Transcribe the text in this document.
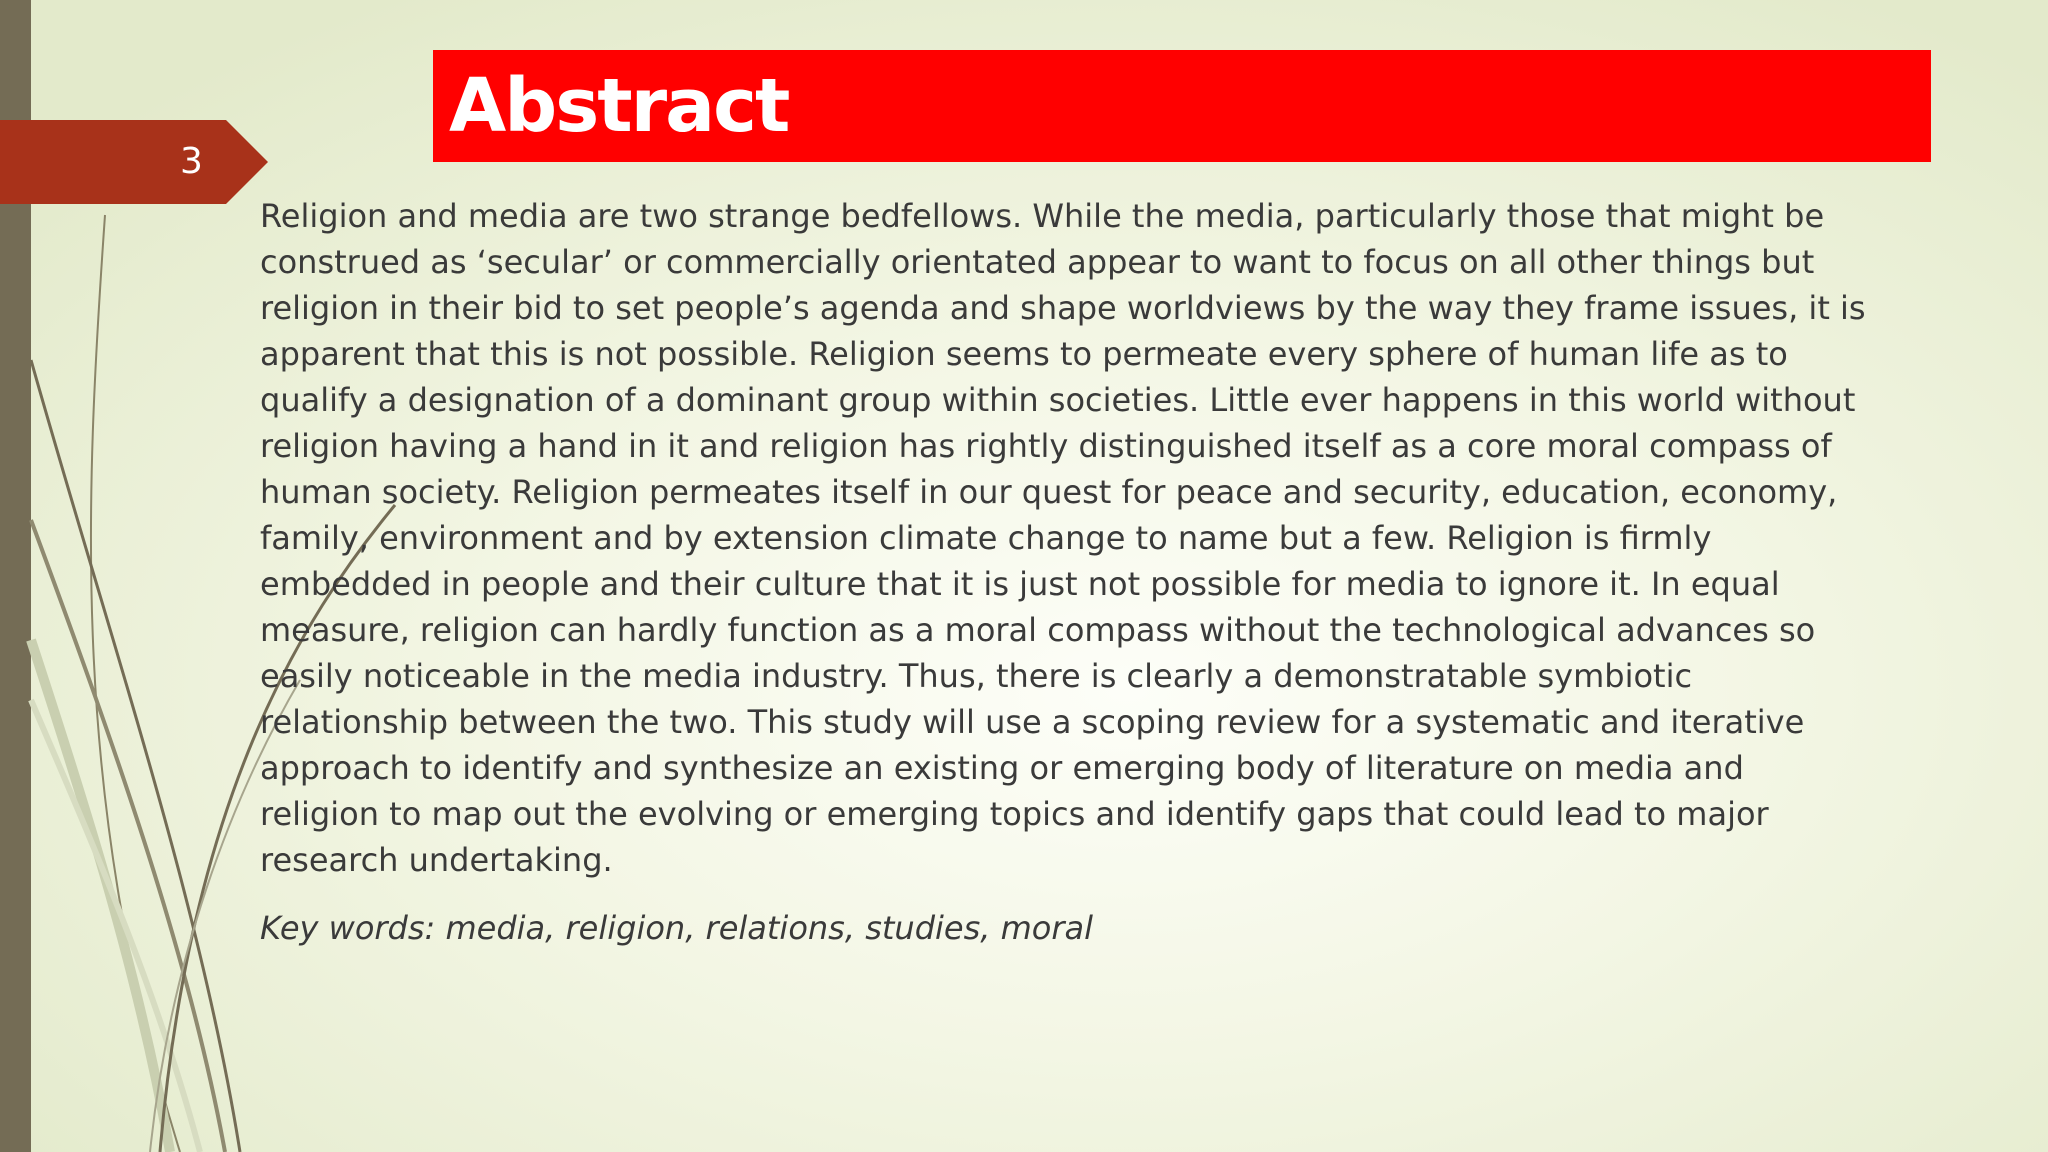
3
Abstract

Religion and media are two strange bedfellows. While the media, particularly those that might be
construed as ‘secular’ or commercially orientated appear to want to focus on all other things but
religion in their bid to set people’s agenda and shape worldviews by the way they frame issues, it is
apparent that this is not possible. Religion seems to permeate every sphere of human life as to
qualify a designation of a dominant group within societies. Little ever happens in this world without
religion having a hand in it and religion has rightly distinguished itself as a core moral compass of
human society. Religion permeates itself in our quest for peace and security, education, economy,
family, environment and by extension climate change to name but a few. Religion is firmly
embedded in people and their culture that it is just not possible for media to ignore it. In equal
measure, religion can hardly function as a moral compass without the technological advances so
easily noticeable in the media industry. Thus, there is clearly a demonstratable symbiotic
relationship between the two. This study will use a scoping review for a systematic and iterative
approach to identify and synthesize an existing or emerging body of literature on media and
religion to map out the evolving or emerging topics and identify gaps that could lead to major
research undertaking.

Key words: media, religion, relations, studies, moral
